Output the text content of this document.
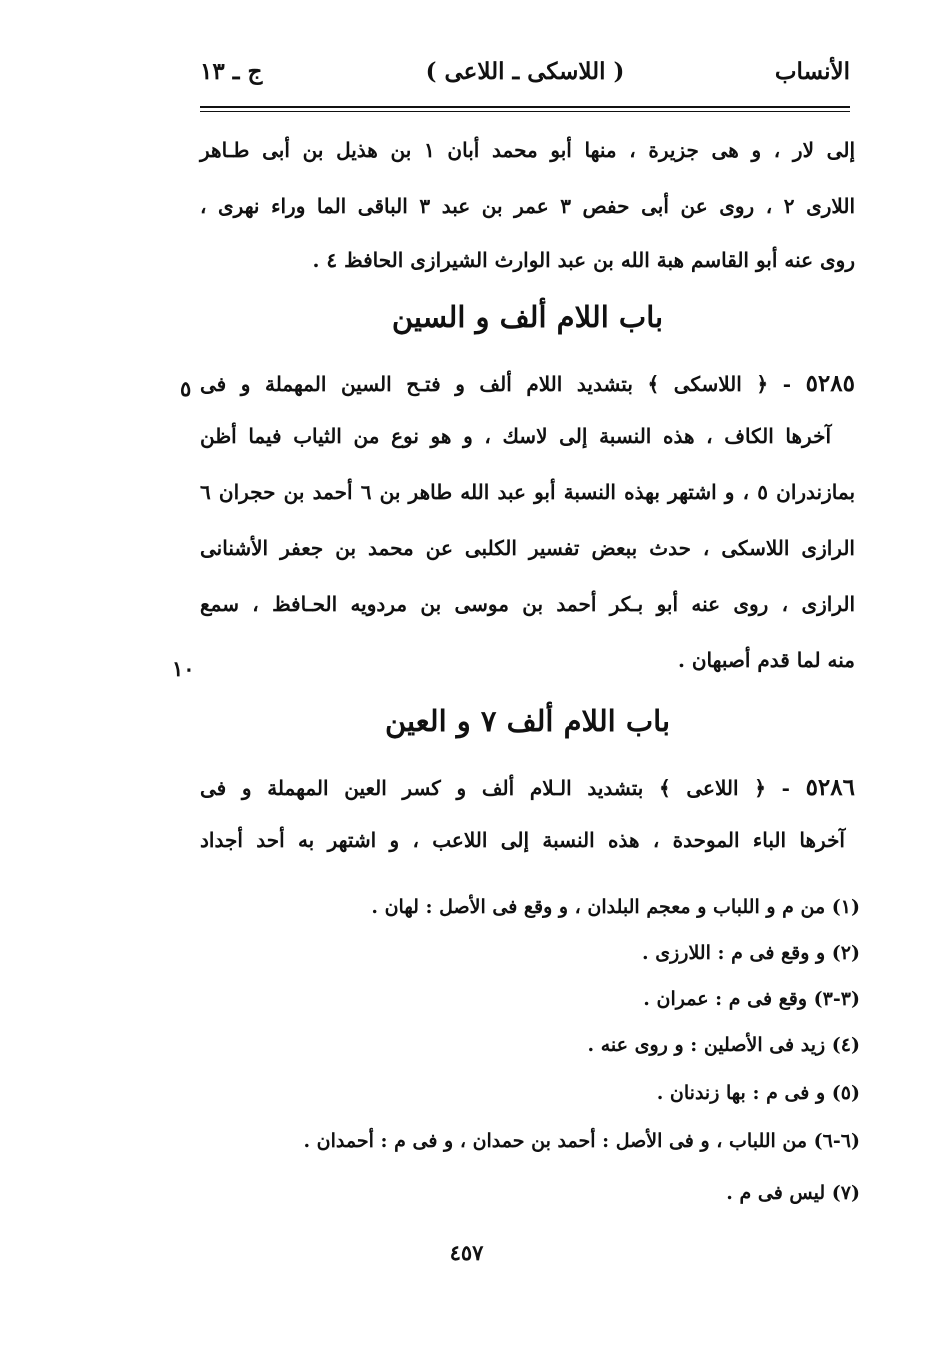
الأنساب
( اللاسكى ـ اللاعى )
ج ـ ١٣
إلى لار ، و هى جزيرة ، منها أبو محمد أبان ١ بن هذيل بن أبى طـاهر
اللارى ٢ ، روى عن أبى حفص ٣ عمر بن عبد ٣ الباقى الما وراء نهرى ،
روى عنه أبو القاسم هبة الله بن عبد الوارث الشيرازى الحافظ ٤ .
باب اللام ألف و السين
٥٢٨٥ - ﴿ اللاسكى ﴾ بتشديد اللام ألف و فتـح السين المهملة و فى
آخرها الكاف ، هذه النسبة إلى لاسك ، و هو نوع من الثياب فيما أظن
بمازندران ٥ ، و اشتهر بهذه النسبة أبو عبد الله طاهر بن ٦ أحمد بن حجران ٦
الرازى اللاسكى ، حدث ببعض تفسير الكلبى عن محمد بن جعفر الأشنانى
الرازى ، روى عنه أبو بـكر أحمد بن موسى بن مردويه الحـافظ ، سمع
منه لما قدم أصبهان .
٥
١٠
باب اللام ألف ٧ و العين
٥٢٨٦ - ﴿ اللاعى ﴾ بتشديد الـلام ألف و كسر العين المهملة و فى
آخرها الباء الموحدة ، هذه النسبة إلى اللاعب ، و اشتهر به أحد أجداد
(١) من م و اللباب و معجم البلدان ، و وقع فى الأصل : لهان .
(٢) و وقع فى م : اللارزى .
(٣-٣) وقع فى م : عمران .
(٤) زيد فى الأصلين : و روى عنه .
(٥) و فى م : بها زندنان .
(٦-٦) من اللباب ، و فى الأصل : أحمد بن حمدان ، و فى م : أحمدان .
(٧) ليس فى م .
٤٥٧
